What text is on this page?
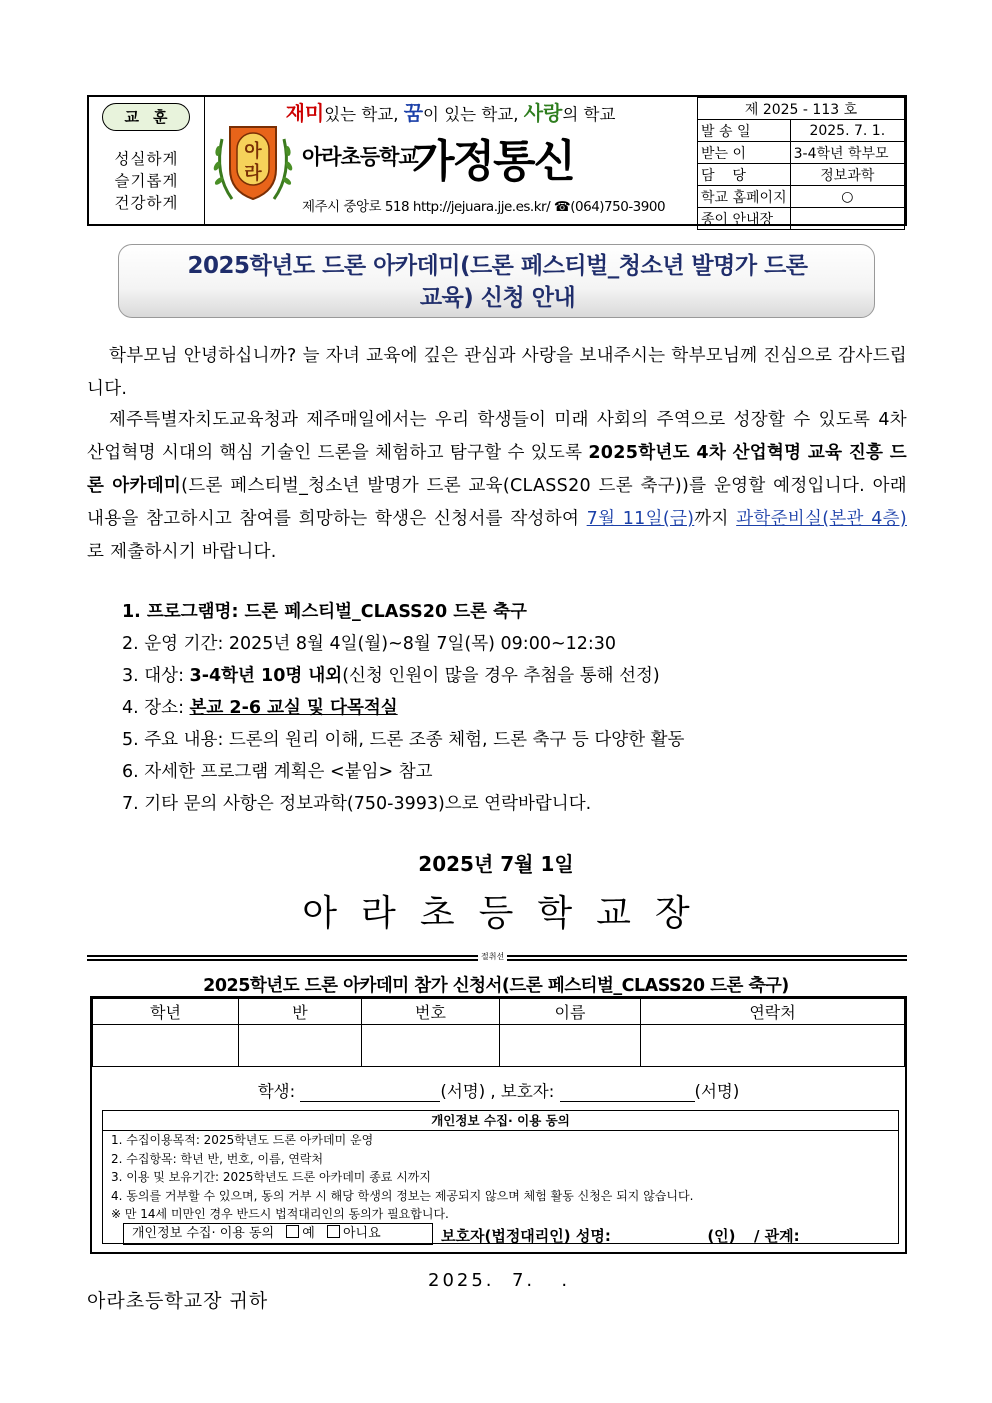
교훈
성실하게
슬기롭게
건강하게
재미있는 학교, 꿈이 있는 학교, 사랑의 학교
아
라
아라초등학교
가정통신
제주시 중앙로 518 http://jejuara.jje.es.kr/ ☎(064)750-3900
제 2025 - 113 호	
발 송 일	2025. 7. 1.
받는 이	3-4학년 학부모
담    당	정보과학
학교 홈페이지	○
종이 안내장	
2025학년도 드론 아카데미(드론 페스티벌_청소년 발명가 드론
교육) 신청 안내
학부모님 안녕하십니까? 늘 자녀 교육에 깊은 관심과 사랑을 보내주시는 학부모님께 진심으로 감사드립니다.
제주특별자치도교육청과 제주매일에서는 우리 학생들이 미래 사회의 주역으로 성장할 수 있도록 4차 산업혁명 시대의 핵심 기술인 드론을 체험하고 탐구할 수 있도록 2025학년도 4차 산업혁명 교육 진흥 드론 아카데미(드론 페스티벌_청소년 발명가 드론 교육(CLASS20 드론 축구))를 운영할 예정입니다. 아래 내용을 참고하시고 참여를 희망하는 학생은 신청서를 작성하여 7월 11일(금)까지 과학준비실(본관 4층)로 제출하시기 바랍니다.
1. 프로그램명: 드론 페스티벌_CLASS20 드론 축구
2. 운영 기간: 2025년 8월 4일(월)~8월 7일(목) 09:00~12:30
3. 대상: 3-4학년 10명 내외(신청 인원이 많을 경우 추첨을 통해 선정)
4. 장소: 본교 2-6 교실 및 다목적실
5. 주요 내용: 드론의 원리 이해, 드론 조종 체험, 드론 축구 등 다양한 활동
6. 자세한 프로그램 계획은 <붙임> 참고
7. 기타 문의 사항은 정보과학(750-3993)으로 연락바랍니다.
2025년 7월 1일
아라초등학교장
절취선
2025학년도 드론 아카데미 참가 신청서(드론 페스티벌_CLASS20 드론 축구)
학년	반	번호	이름	연락처

학생:	(서명) , 보호자:	(서명)
개인정보 수집· 이용 동의
1. 수집이용목적: 2025학년도 드론 아카데미 운영
2. 수집항목: 학년 반, 번호, 이름, 연락처
3. 이용 및 보유기간: 2025학년도 드론 아카데미 종료 시까지
4. 동의를 거부할 수 있으며, 동의 거부 시 해당 학생의 정보는 제공되지 않으며 체험 활동 신청은 되지 않습니다.
※ 만 14세 미만인 경우 반드시 법적대리인의 동의가 필요합니다.
개인정보 수집· 이용 동의 예 아니요	보호자(법정대리인) 성명:	(인) / 관계:
2025.  7.   .
아라초등학교장 귀하
